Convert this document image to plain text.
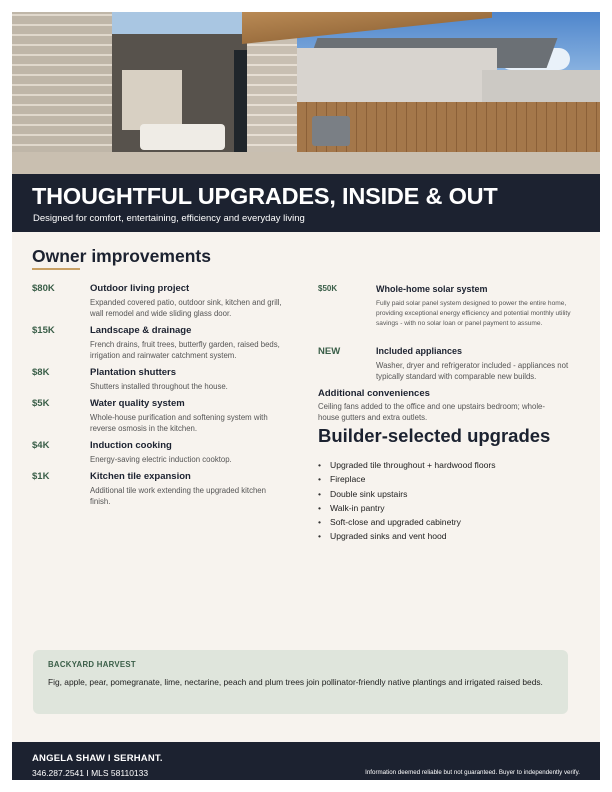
THOUGHTFUL UPGRADES, INSIDE & OUT
Designed for comfort, entertaining, efficiency and everyday living
Owner improvements
$80K	Outdoor living project
Expanded covered patio, outdoor sink, kitchen and grill, wall remodel and wide sliding glass door.
$15K	Landscape & drainage
French drains, fruit trees, butterfly garden, raised beds, irrigation and rainwater catchment system.
$8K	Plantation shutters
Shutters installed throughout the house.
$5K	Water quality system
Whole-house purification and softening system with reverse osmosis in the kitchen.
$4K	Induction cooking
Energy-saving electric induction cooktop.
$1K	Kitchen tile expansion
Additional tile work extending the upgraded kitchen finish.
$50K	Whole-home solar system
Fully paid solar panel system designed to power the entire home, providing exceptional energy efficiency and potential monthly utility savings - with no solar loan or panel payment to assume.
NEW	Included appliances
Washer, dryer and refrigerator included - appliances not typically standard with comparable new builds.
Additional conveniences
Ceiling fans added to the office and one upstairs bedroom; whole-house gutters and extra outlets.
Builder-selected upgrades
• Upgraded tile throughout + hardwood floors
• Fireplace
• Double sink upstairs
• Walk-in pantry
• Soft-close and upgraded cabinetry
• Upgraded sinks and vent hood
BACKYARD HARVEST
Fig, apple, pear, pomegranate, lime, nectarine, peach and plum trees join pollinator-friendly native plantings and irrigated raised beds.
ANGELA SHAW I SERHANT.
346.287.2541 I MLS 58110133	Information deemed reliable but not guaranteed. Buyer to independently verify.
